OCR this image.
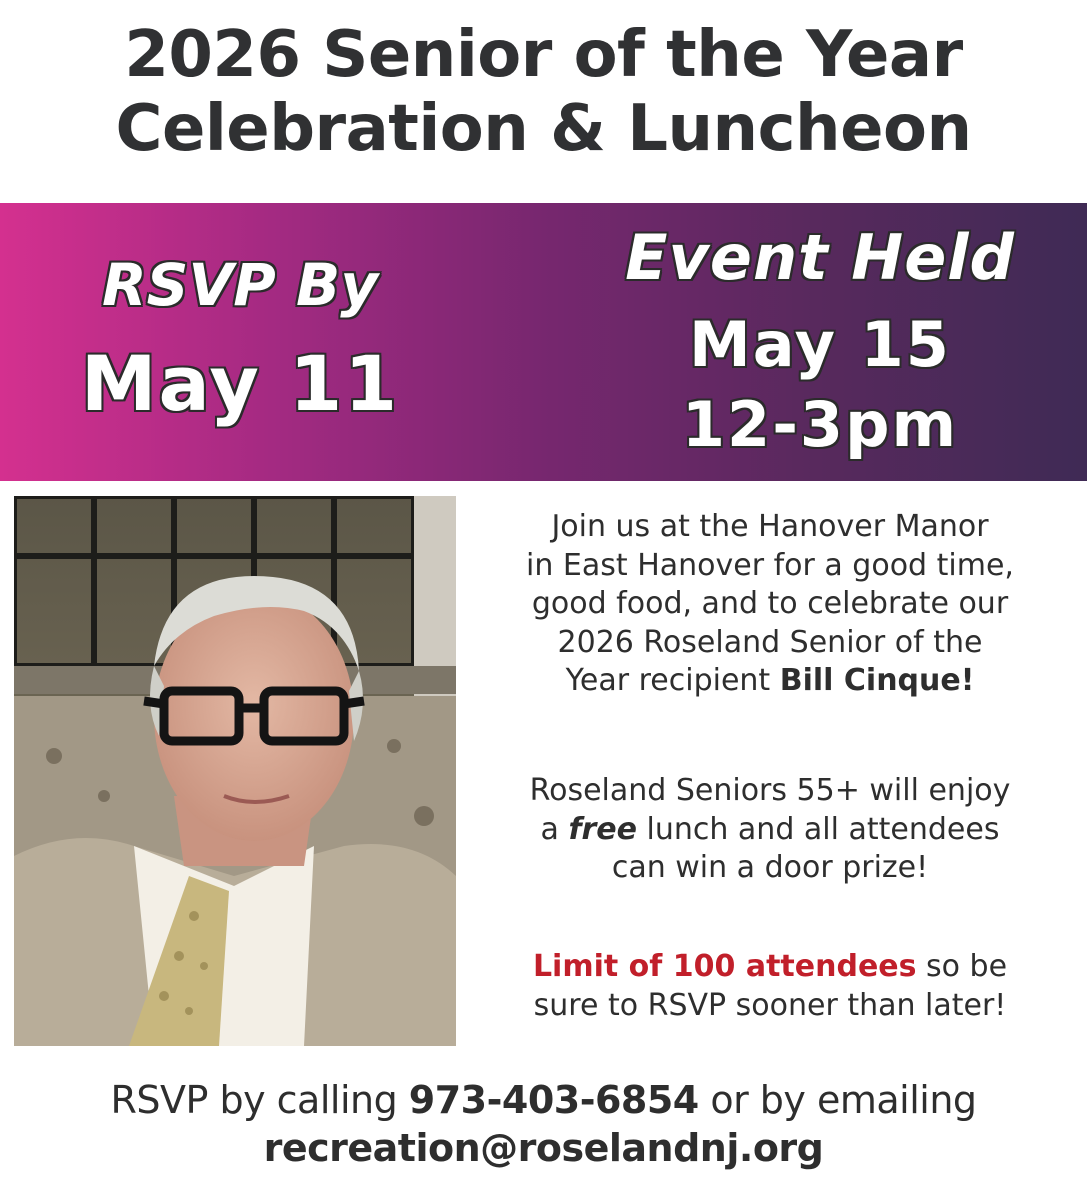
2026 Senior of the Year
Celebration & Luncheon
RSVP By
May 11
Event Held
May 15
12-3pm
Join us at the Hanover Manor
in East Hanover for a good time,
good food, and to celebrate our
2026 Roseland Senior of the
Year recipient Bill Cinque!
Roseland Seniors 55+ will enjoy
a free lunch and all attendees
can win a door prize!
Limit of 100 attendees so be
sure to RSVP sooner than later!
RSVP by calling 973-403-6854 or by emailing
recreation@roselandnj.org
